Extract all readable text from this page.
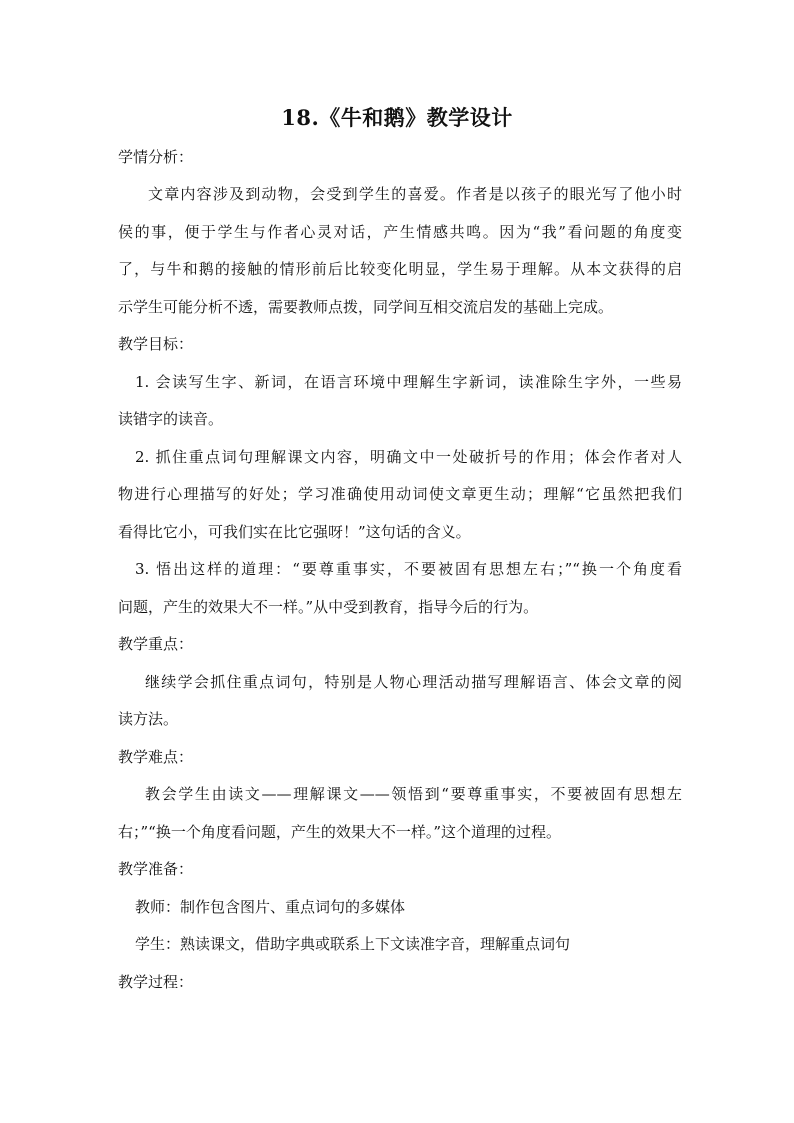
18.《牛和鹅》教学设计
学情分析：
文章内容涉及到动物，会受到学生的喜爱。作者是以孩子的眼光写了他小时
侯的事，便于学生与作者心灵对话，产生情感共鸣。因为“我”看问题的角度变
了，与牛和鹅的接触的情形前后比较变化明显，学生易于理解。从本文获得的启
示学生可能分析不透，需要教师点拨，同学间互相交流启发的基础上完成。
教学目标：
1. 会读写生字、新词，在语言环境中理解生字新词，读准除生字外，一些易
读错字的读音。
2. 抓住重点词句理解课文内容，明确文中一处破折号的作用；体会作者对人
物进行心理描写的好处；学习准确使用动词使文章更生动；理解“它虽然把我们
看得比它小，可我们实在比它强呀！”这句话的含义。
3. 悟出这样的道理：“要尊重事实，不要被固有思想左右；”“换一个角度看
问题，产生的效果大不一样。”从中受到教育，指导今后的行为。
教学重点：
继续学会抓住重点词句，特别是人物心理活动描写理解语言、体会文章的阅
读方法。
教学难点：
教会学生由读文——理解课文——领悟到“要尊重事实，不要被固有思想左
右；”“换一个角度看问题，产生的效果大不一样。”这个道理的过程。
教学准备：
教师：制作包含图片、重点词句的多媒体
学生：熟读课文，借助字典或联系上下文读准字音，理解重点词句
教学过程：
